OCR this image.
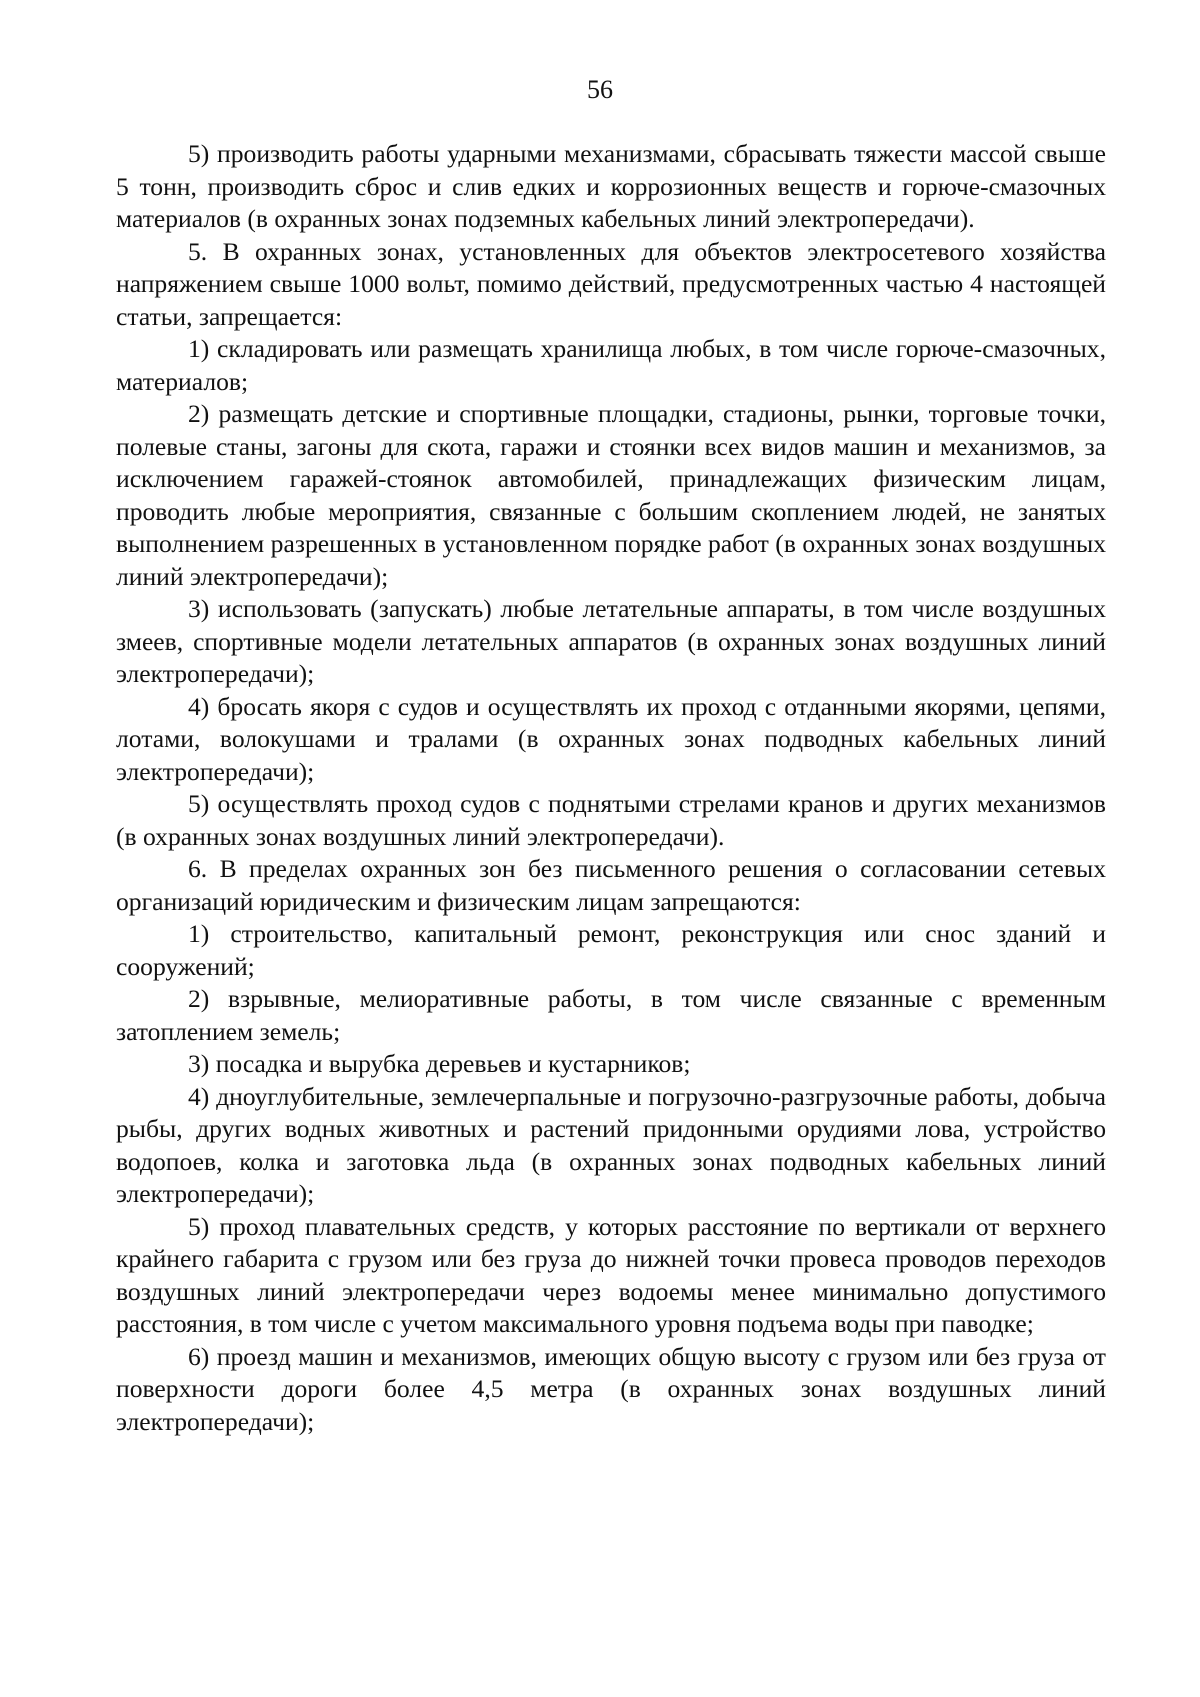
56

5) производить работы ударными механизмами, сбрасывать тяжести массой свыше 5 тонн, производить сброс и слив едких и коррозионных веществ и горюче-смазочных материалов (в охранных зонах подземных кабельных линий электропередачи).

5. В охранных зонах, установленных для объектов электросетевого хозяйства напряжением свыше 1000 вольт, помимо действий, предусмотренных частью 4 настоящей статьи, запрещается:

1) складировать или размещать хранилища любых, в том числе горюче-смазочных, материалов;

2) размещать детские и спортивные площадки, стадионы, рынки, торговые точки, полевые станы, загоны для скота, гаражи и стоянки всех видов машин и механизмов, за исключением гаражей-стоянок автомобилей, принадлежащих физическим лицам, проводить любые мероприятия, связанные с большим скоплением людей, не занятых выполнением разрешенных в установленном порядке работ (в охранных зонах воздушных линий электропередачи);

3) использовать (запускать) любые летательные аппараты, в том числе воздушных змеев, спортивные модели летательных аппаратов (в охранных зонах воздушных линий электропередачи);

4) бросать якоря с судов и осуществлять их проход с отданными якорями, цепями, лотами, волокушами и тралами (в охранных зонах подводных кабельных линий электропередачи);

5) осуществлять проход судов с поднятыми стрелами кранов и других механизмов (в охранных зонах воздушных линий электропередачи).

6. В пределах охранных зон без письменного решения о согласовании сетевых организаций юридическим и физическим лицам запрещаются:

1) строительство, капитальный ремонт, реконструкция или снос зданий и сооружений;

2) взрывные, мелиоративные работы, в том числе связанные с временным затоплением земель;

3) посадка и вырубка деревьев и кустарников;

4) дноуглубительные, землечерпальные и погрузочно-разгрузочные работы, добыча рыбы, других водных животных и растений придонными орудиями лова, устройство водопоев, колка и заготовка льда (в охранных зонах подводных кабельных линий электропередачи);

5) проход плавательных средств, у которых расстояние по вертикали от верхнего крайнего габарита с грузом или без груза до нижней точки провеса проводов переходов воздушных линий электропередачи через водоемы менее минимально допустимого расстояния, в том числе с учетом максимального уровня подъема воды при паводке;

6) проезд машин и механизмов, имеющих общую высоту с грузом или без груза от поверхности дороги более 4,5 метра (в охранных зонах воздушных линий электропередачи);
